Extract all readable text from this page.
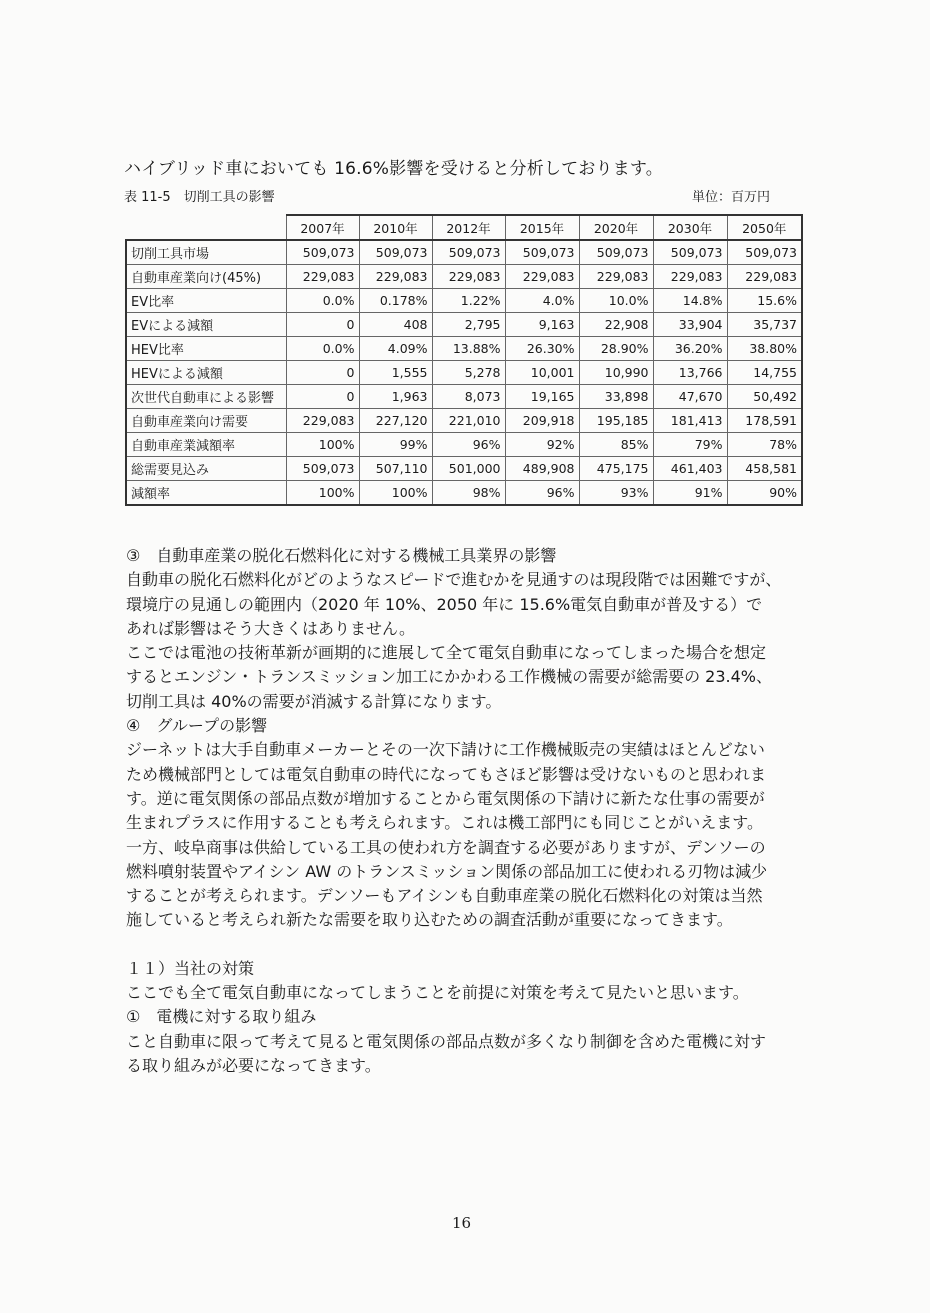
ハイブリッド車においても 16.6%影響を受けると分析しております。
表 11-5　切削工具の影響	単位：百万円
	2007年	2010年	2012年	2015年	2020年	2030年	2050年
切削工具市場	509,073	509,073	509,073	509,073	509,073	509,073	509,073
自動車産業向け(45%)	229,083	229,083	229,083	229,083	229,083	229,083	229,083
EV比率	0.0%	0.178%	1.22%	4.0%	10.0%	14.8%	15.6%
EVによる減額	0	408	2,795	9,163	22,908	33,904	35,737
HEV比率	0.0%	4.09%	13.88%	26.30%	28.90%	36.20%	38.80%
HEVによる減額	0	1,555	5,278	10,001	10,990	13,766	14,755
次世代自動車による影響	0	1,963	8,073	19,165	33,898	47,670	50,492
自動車産業向け需要	229,083	227,120	221,010	209,918	195,185	181,413	178,591
自動車産業減額率	100%	99%	96%	92%	85%	79%	78%
総需要見込み	509,073	507,110	501,000	489,908	475,175	461,403	458,581
減額率	100%	100%	98%	96%	93%	91%	90%

③　自動車産業の脱化石燃料化に対する機械工具業界の影響

自動車の脱化石燃料化がどのようなスピードで進むかを見通すのは現段階では困難ですが、

環境庁の見通しの範囲内（2020 年 10%、2050 年に 15.6%電気自動車が普及する）で

あれば影響はそう大きくはありません。

ここでは電池の技術革新が画期的に進展して全て電気自動車になってしまった場合を想定

するとエンジン・トランスミッション加工にかかわる工作機械の需要が総需要の 23.4%、

切削工具は 40%の需要が消滅する計算になります。

④　グループの影響

ジーネットは大手自動車メーカーとその一次下請けに工作機械販売の実績はほとんどない

ため機械部門としては電気自動車の時代になってもさほど影響は受けないものと思われま

す。逆に電気関係の部品点数が増加することから電気関係の下請けに新たな仕事の需要が

生まれプラスに作用することも考えられます。これは機工部門にも同じことがいえます。

一方、岐阜商事は供給している工具の使われ方を調査する必要がありますが、デンソーの

燃料噴射装置やアイシン AW のトランスミッション関係の部品加工に使われる刃物は減少

することが考えられます。デンソーもアイシンも自動車産業の脱化石燃料化の対策は当然

施していると考えられ新たな需要を取り込むための調査活動が重要になってきます。

１１）当社の対策

ここでも全て電気自動車になってしまうことを前提に対策を考えて見たいと思います。

①　電機に対する取り組み

こと自動車に限って考えて見ると電気関係の部品点数が多くなり制御を含めた電機に対す

る取り組みが必要になってきます。

16
